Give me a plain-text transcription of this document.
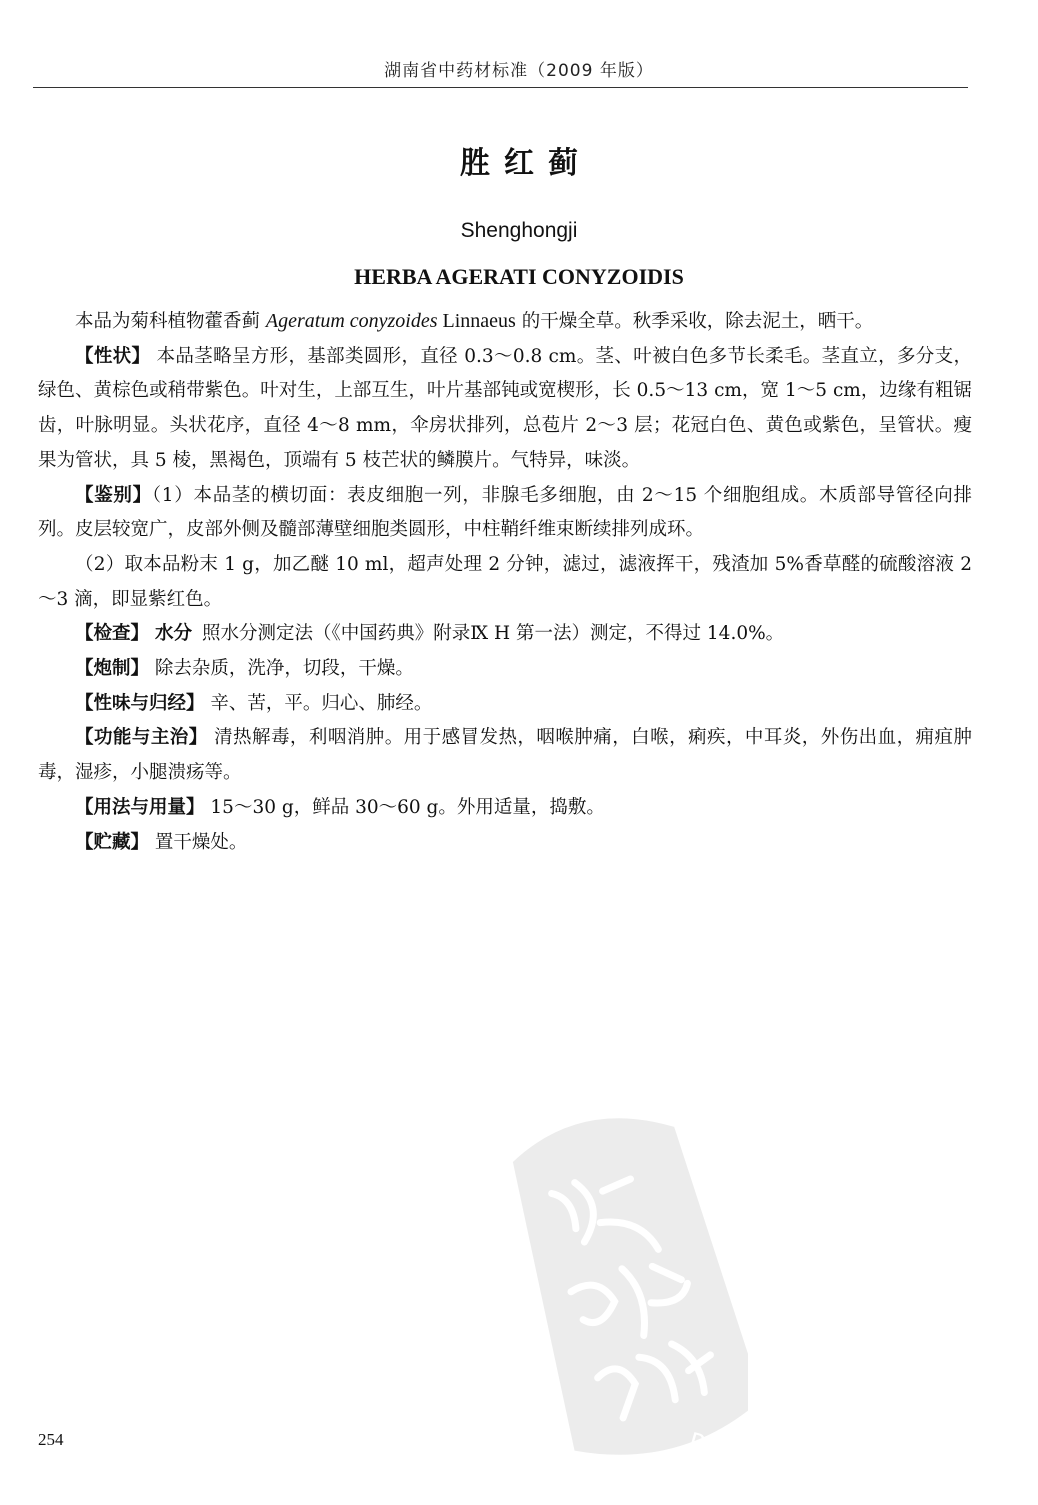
湖南省中药材标准（2009 年版）
胜红蓟
Shenghongji
HERBA AGERATI CONYZOIDIS

本品为菊科植物藿香蓟 Ageratum conyzoides Linnaeus 的干燥全草。秋季采收，除去泥土，晒干。

【性状】 本品茎略呈方形，基部类圆形，直径 0.3～0.8 cm。茎、叶被白色多节长柔毛。茎直立，多分支，绿色、黄棕色或稍带紫色。叶对生，上部互生，叶片基部钝或宽楔形，长 0.5～13 cm，宽 1～5 cm，边缘有粗锯齿，叶脉明显。头状花序，直径 4～8 mm，伞房状排列，总苞片 2～3 层；花冠白色、黄色或紫色，呈管状。瘦果为管状，具 5 棱，黑褐色，顶端有 5 枝芒状的鳞膜片。气特异，味淡。

【鉴别】（1）本品茎的横切面：表皮细胞一列，非腺毛多细胞，由 2～15 个细胞组成。木质部导管径向排列。皮层较宽广，皮部外侧及髓部薄壁细胞类圆形，中柱鞘纤维束断续排列成环。

（2）取本品粉末 1 g，加乙醚 10 ml，超声处理 2 分钟，滤过，滤液挥干，残渣加 5%香草醛的硫酸溶液 2～3 滴，即显紫红色。

【检查】 水分 照水分测定法（《中国药典》附录Ⅸ H 第一法）测定，不得过 14.0%。

【炮制】 除去杂质，洗净，切段，干燥。

【性味与归经】 辛、苦，平。归心、肺经。

【功能与主治】 清热解毒，利咽消肿。用于感冒发热，咽喉肿痛，白喉，痢疾，中耳炎，外伤出血，痈疽肿毒，湿疹，小腿溃疡等。

【用法与用量】 15～30 g，鲜品 30～60 g。外用适量，捣敷。

【贮藏】 置干燥处。

PDG
254
